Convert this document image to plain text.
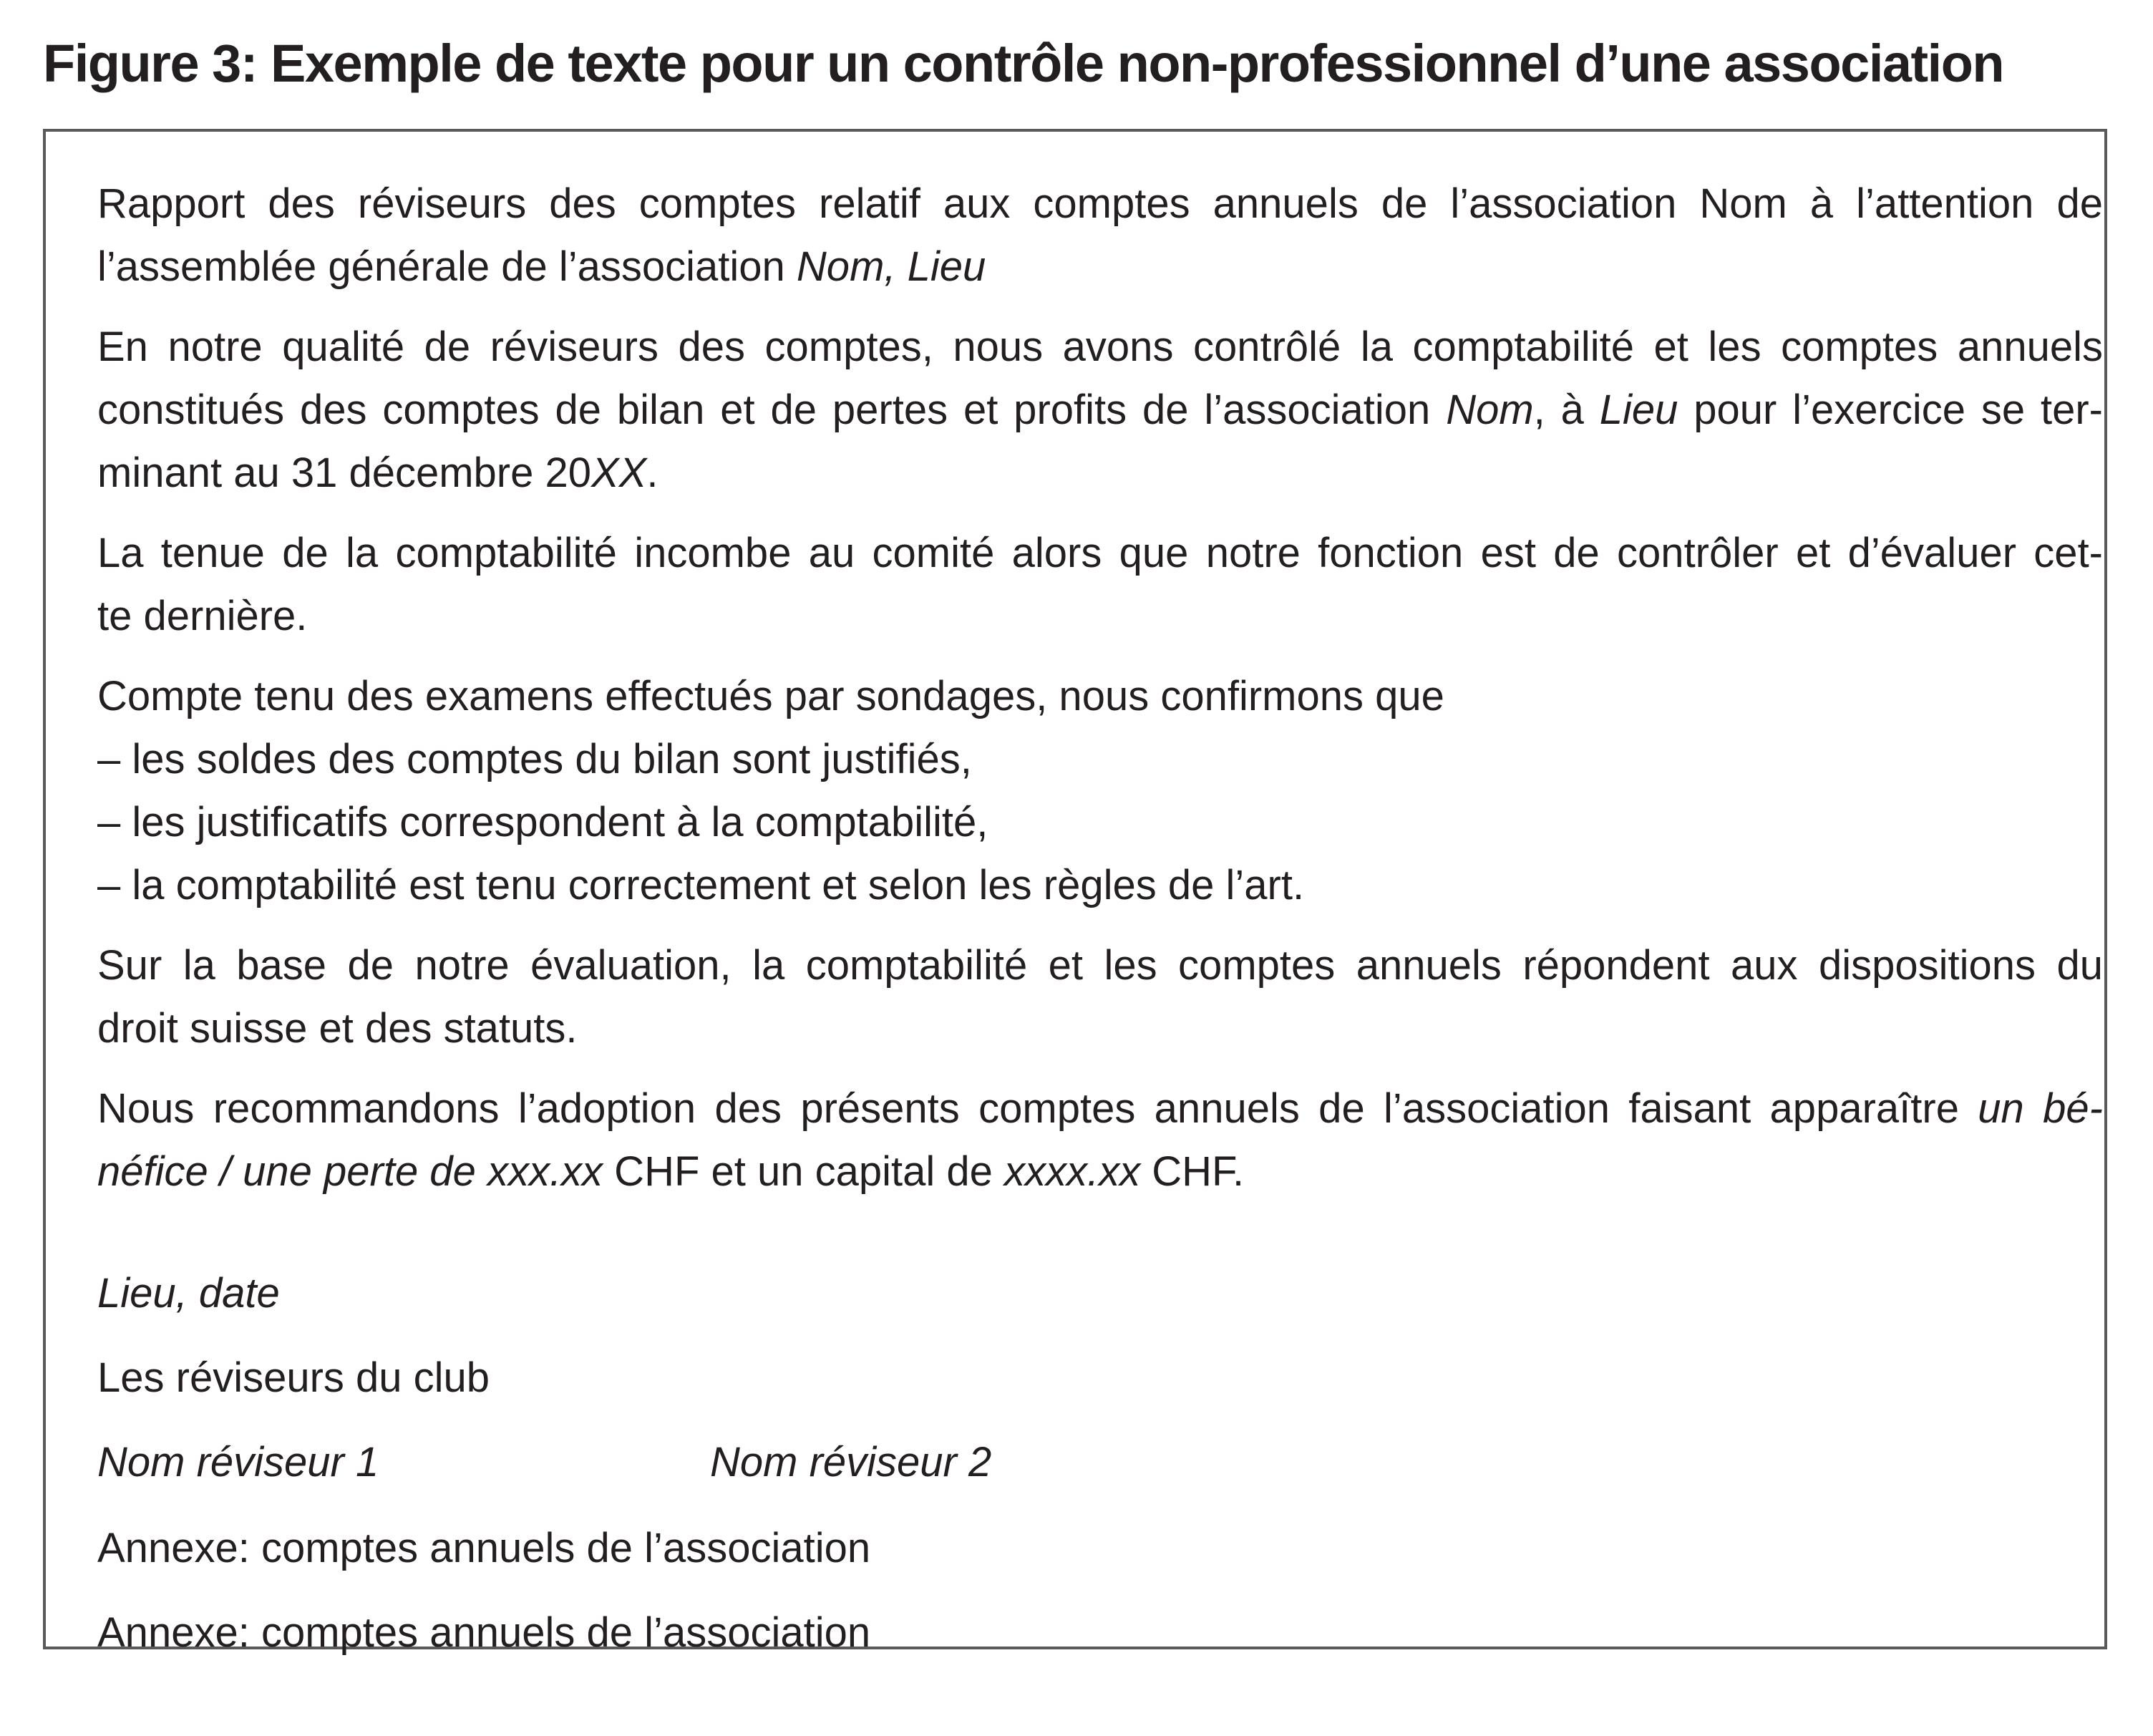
Figure 3: Exemple de texte pour un contrôle non-professionnel d’une association

Rapport des réviseurs des comptes relatif aux comptes annuels de l’association Nom à l’attention de

l’assemblée générale de l’association Nom, Lieu

En notre qualité de réviseurs des comptes, nous avons contrôlé la comptabilité et les comptes annuels

constitués des comptes de bilan et de pertes et profits de l’association Nom, à Lieu pour l’exercice se ter-

minant au 31 décembre 20XX.

La tenue de la comptabilité incombe au comité alors que notre fonction est de contrôler et d’évaluer cet-

te dernière.

Compte tenu des examens effectués par sondages, nous confirmons que

– les soldes des comptes du bilan sont justifiés,

– les justificatifs correspondent à la comptabilité,

– la comptabilité est tenu correctement et selon les règles de l’art.

Sur la base de notre évaluation, la comptabilité et les comptes annuels répondent aux dispositions du

droit suisse et des statuts.

Nous recommandons l’adoption des présents comptes annuels de l’association faisant apparaître un bé-

néfice / une perte de xxx.xx CHF et un capital de xxxx.xx CHF.

Lieu, date

Les réviseurs du club

Nom réviseur 1	Nom réviseur 2

Annexe: comptes annuels de l’association

Annexe: comptes annuels de l’association
